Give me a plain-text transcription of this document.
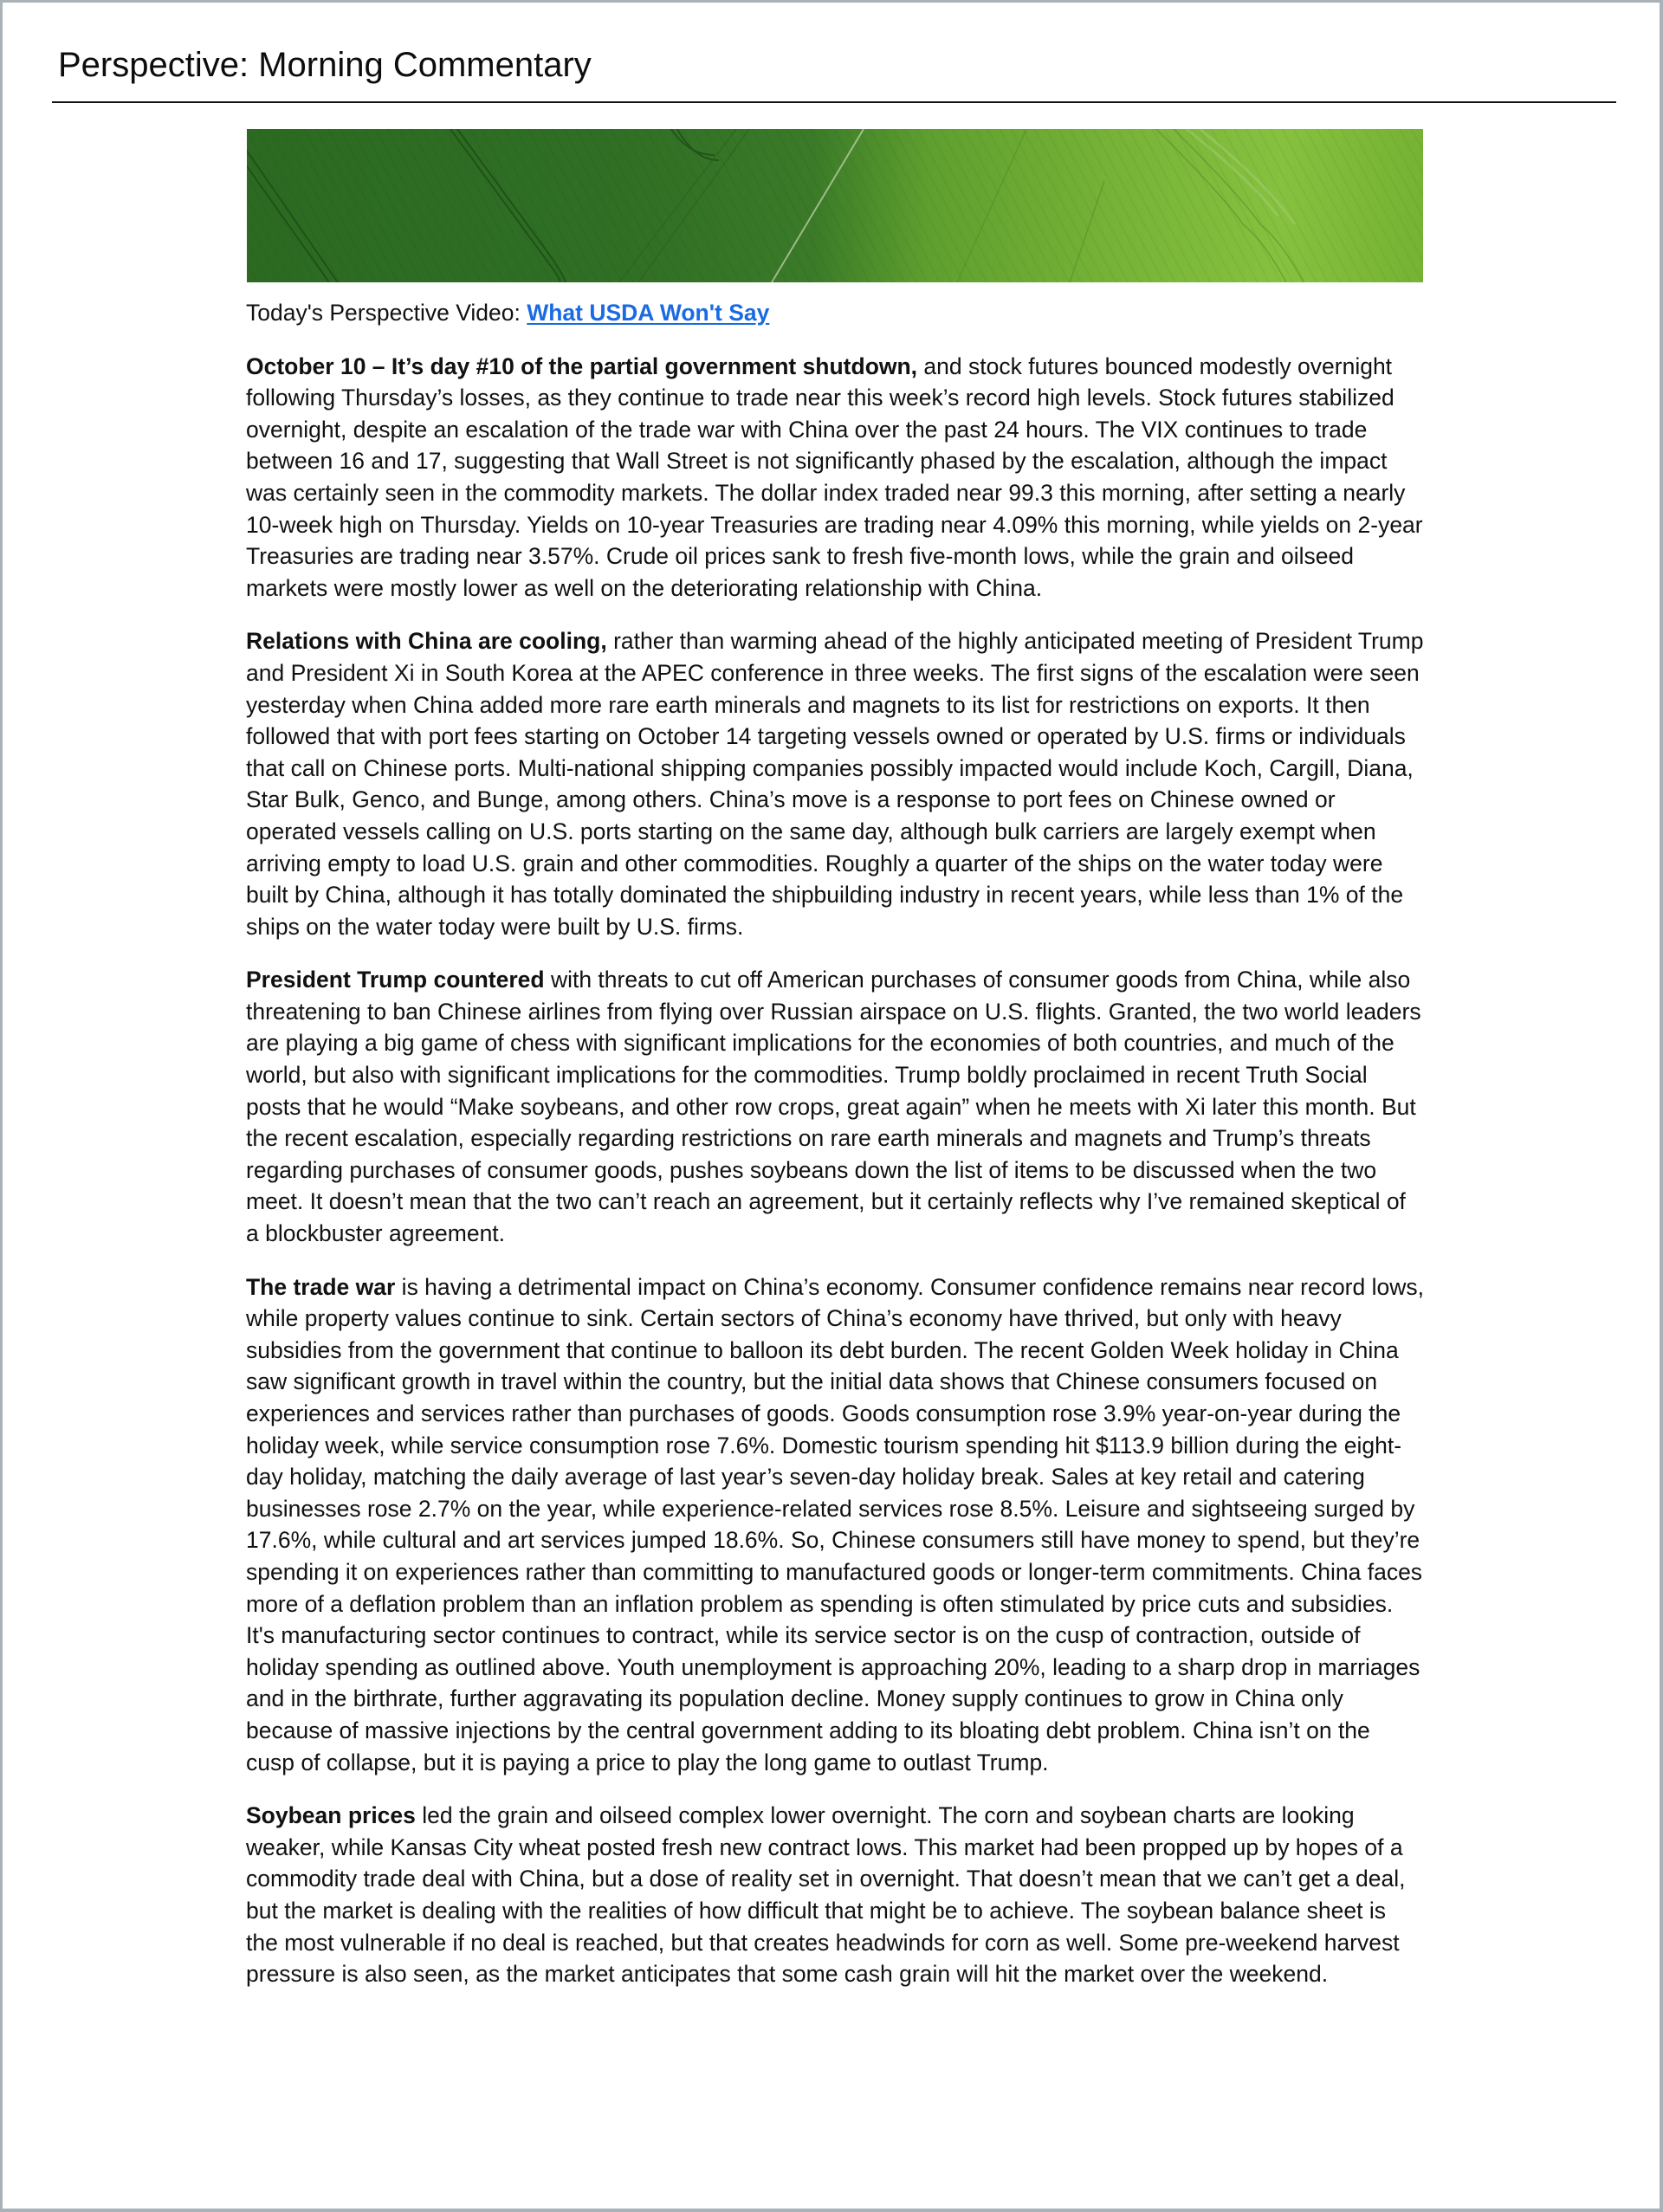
Perspective: Morning Commentary

Today's Perspective Video: What USDA Won't Say

October 10 – It’s day #10 of the partial government shutdown, and stock futures bounced modestly overnight following Thursday’s losses, as they continue to trade near this week’s record high levels. Stock futures stabilized overnight, despite an escalation of the trade war with China over the past 24 hours. The VIX continues to trade between 16 and 17, suggesting that Wall Street is not significantly phased by the escalation, although the impact was certainly seen in the commodity markets. The dollar index traded near 99.3 this morning, after setting a nearly 10-week high on Thursday. Yields on 10-year Treasuries are trading near 4.09% this morning, while yields on 2-year Treasuries are trading near 3.57%. Crude oil prices sank to fresh five-month lows, while the grain and oilseed markets were mostly lower as well on the deteriorating relationship with China.

Relations with China are cooling, rather than warming ahead of the highly anticipated meeting of President Trump and President Xi in South Korea at the APEC conference in three weeks. The first signs of the escalation were seen yesterday when China added more rare earth minerals and magnets to its list for restrictions on exports. It then followed that with port fees starting on October 14 targeting vessels owned or operated by U.S. firms or individuals that call on Chinese ports. Multi-national shipping companies possibly impacted would include Koch, Cargill, Diana, Star Bulk, Genco, and Bunge, among others. China’s move is a response to port fees on Chinese owned or operated vessels calling on U.S. ports starting on the same day, although bulk carriers are largely exempt when arriving empty to load U.S. grain and other commodities. Roughly a quarter of the ships on the water today were built by China, although it has totally dominated the shipbuilding industry in recent years, while less than 1% of the ships on the water today were built by U.S. firms.

President Trump countered with threats to cut off American purchases of consumer goods from China, while also threatening to ban Chinese airlines from flying over Russian airspace on U.S. flights. Granted, the two world leaders are playing a big game of chess with significant implications for the economies of both countries, and much of the world, but also with significant implications for the commodities. Trump boldly proclaimed in recent Truth Social posts that he would “Make soybeans, and other row crops, great again” when he meets with Xi later this month. But the recent escalation, especially regarding restrictions on rare earth minerals and magnets and Trump’s threats regarding purchases of consumer goods, pushes soybeans down the list of items to be discussed when the two meet. It doesn’t mean that the two can’t reach an agreement, but it certainly reflects why I’ve remained skeptical of a blockbuster agreement.

The trade war is having a detrimental impact on China’s economy. Consumer confidence remains near record lows, while property values continue to sink. Certain sectors of China’s economy have thrived, but only with heavy subsidies from the government that continue to balloon its debt burden. The recent Golden Week holiday in China saw significant growth in travel within the country, but the initial data shows that Chinese consumers focused on experiences and services rather than purchases of goods. Goods consumption rose 3.9% year-on-year during the holiday week, while service consumption rose 7.6%. Domestic tourism spending hit $113.9 billion during the eight-day holiday, matching the daily average of last year’s seven-day holiday break. Sales at key retail and catering businesses rose 2.7% on the year, while experience-related services rose 8.5%. Leisure and sightseeing surged by 17.6%, while cultural and art services jumped 18.6%. So, Chinese consumers still have money to spend, but they’re spending it on experiences rather than committing to manufactured goods or longer-term commitments. China faces more of a deflation problem than an inflation problem as spending is often stimulated by price cuts and subsidies. It's manufacturing sector continues to contract, while its service sector is on the cusp of contraction, outside of holiday spending as outlined above. Youth unemployment is approaching 20%, leading to a sharp drop in marriages and in the birthrate, further aggravating its population decline. Money supply continues to grow in China only because of massive injections by the central government adding to its bloating debt problem. China isn’t on the cusp of collapse, but it is paying a price to play the long game to outlast Trump.

Soybean prices led the grain and oilseed complex lower overnight. The corn and soybean charts are looking weaker, while Kansas City wheat posted fresh new contract lows. This market had been propped up by hopes of a commodity trade deal with China, but a dose of reality set in overnight. That doesn’t mean that we can’t get a deal, but the market is dealing with the realities of how difficult that might be to achieve. The soybean balance sheet is the most vulnerable if no deal is reached, but that creates headwinds for corn as well. Some pre-weekend harvest pressure is also seen, as the market anticipates that some cash grain will hit the market over the weekend.
